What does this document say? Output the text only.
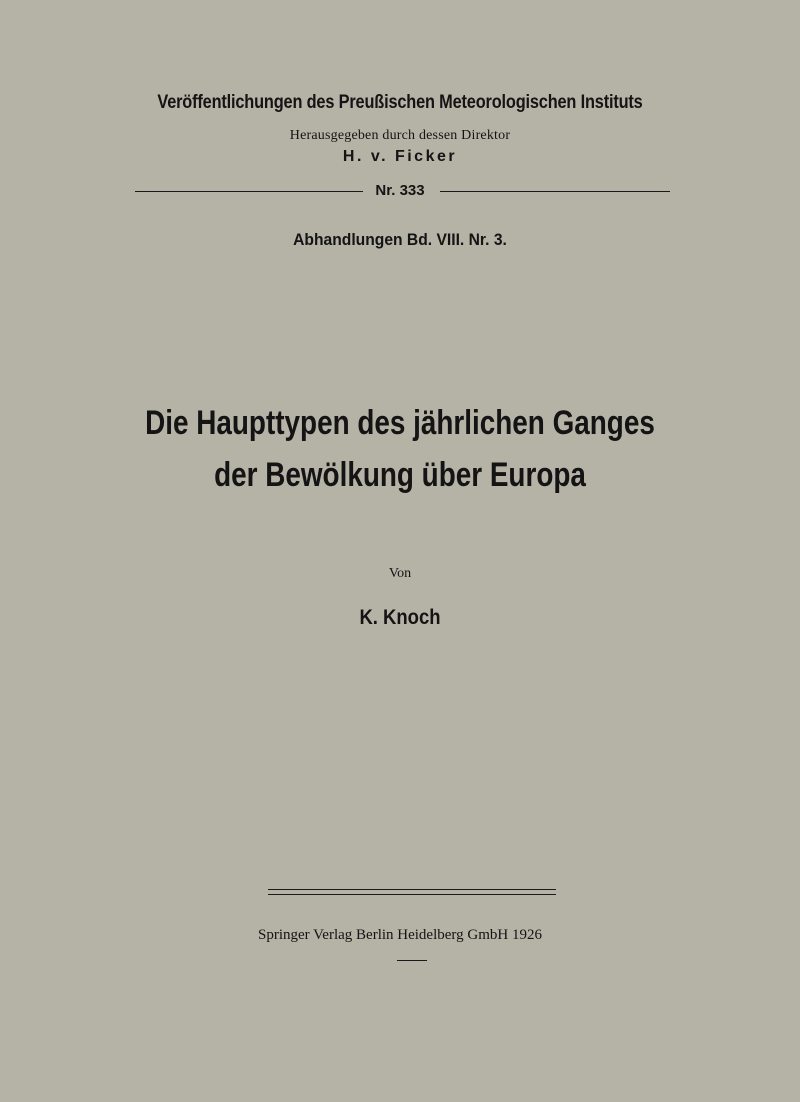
Veröffentlichungen des Preußischen Meteorologischen Instituts
Herausgegeben durch dessen Direktor
H. v. Ficker
Nr. 333
Abhandlungen Bd. VIII. Nr. 3.
Die Haupttypen des jährlichen Ganges
der Bewölkung über Europa
Von
K. Knoch
Springer Verlag Berlin Heidelberg GmbH 1926
